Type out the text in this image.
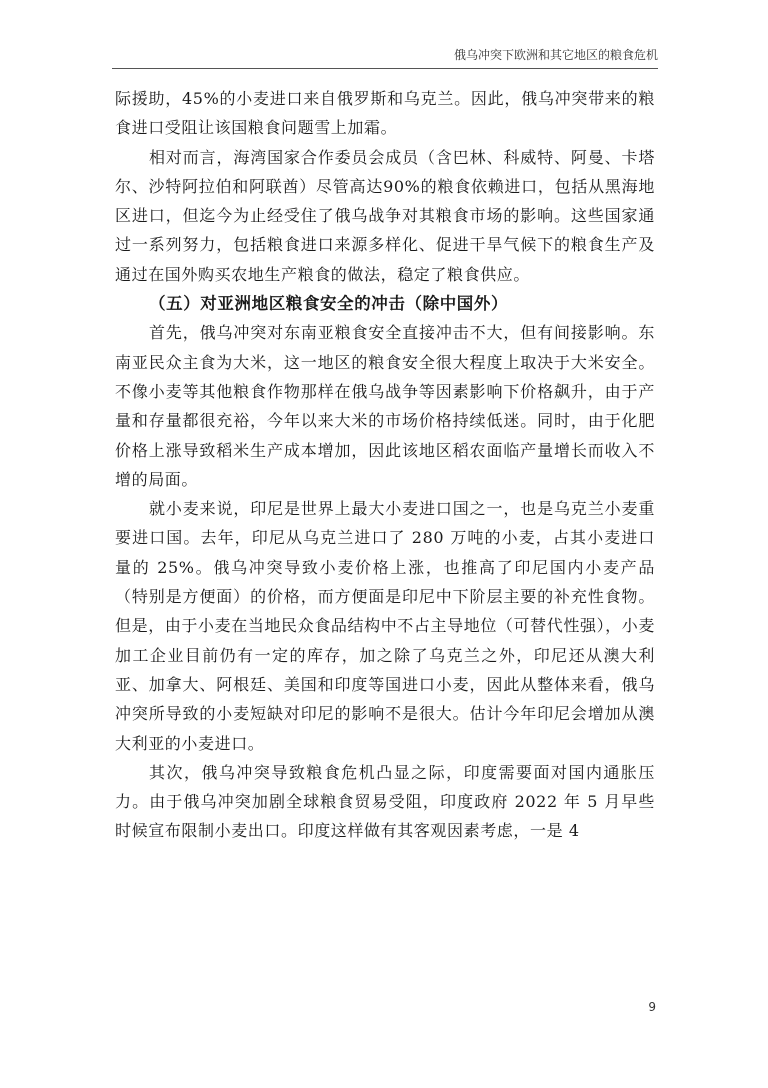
俄乌冲突下欧洲和其它地区的粮食危机

际援助，45%的小麦进口来自俄罗斯和乌克兰。因此，俄乌冲突带来的粮食进口受阻让该国粮食问题雪上加霜。

相对而言，海湾国家合作委员会成员（含巴林、科威特、阿曼、卡塔尔、沙特阿拉伯和阿联酋）尽管高达90%的粮食依赖进口，包括从黑海地区进口，但迄今为止经受住了俄乌战争对其粮食市场的影响。这些国家通过一系列努力，包括粮食进口来源多样化、促进干旱气候下的粮食生产及通过在国外购买农地生产粮食的做法，稳定了粮食供应。

（五）对亚洲地区粮食安全的冲击（除中国外）

首先，俄乌冲突对东南亚粮食安全直接冲击不大，但有间接影响。东南亚民众主食为大米，这一地区的粮食安全很大程度上取决于大米安全。不像小麦等其他粮食作物那样在俄乌战争等因素影响下价格飙升，由于产量和存量都很充裕，今年以来大米的市场价格持续低迷。同时，由于化肥价格上涨导致稻米生产成本增加，因此该地区稻农面临产量增长而收入不增的局面。

就小麦来说，印尼是世界上最大小麦进口国之一，也是乌克兰小麦重要进口国。去年，印尼从乌克兰进口了 280 万吨的小麦，占其小麦进口量的 25%。俄乌冲突导致小麦价格上涨，也推高了印尼国内小麦产品（特别是方便面）的价格，而方便面是印尼中下阶层主要的补充性食物。但是，由于小麦在当地民众食品结构中不占主导地位（可替代性强），小麦加工企业目前仍有一定的库存，加之除了乌克兰之外，印尼还从澳大利亚、加拿大、阿根廷、美国和印度等国进口小麦，因此从整体来看，俄乌冲突所导致的小麦短缺对印尼的影响不是很大。估计今年印尼会增加从澳大利亚的小麦进口。

其次，俄乌冲突导致粮食危机凸显之际，印度需要面对国内通胀压力。由于俄乌冲突加剧全球粮食贸易受阻，印度政府 2022 年 5 月早些时候宣布限制小麦出口。印度这样做有其客观因素考虑，一是 4

9
